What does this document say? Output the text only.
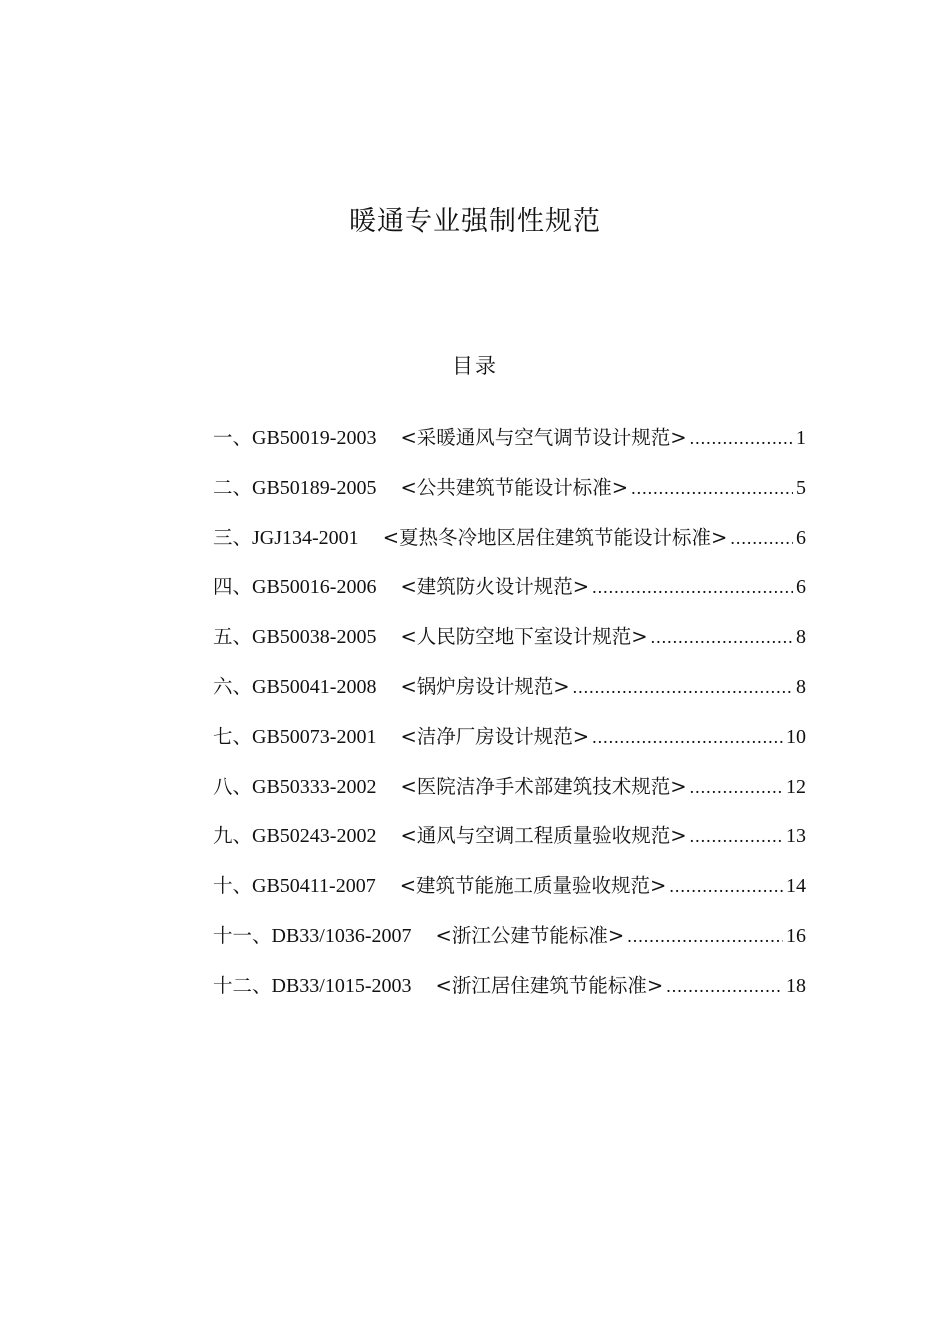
暖通专业强制性规范
目录
一、 GB50019-2003 <采暖通风与空气调节设计规范> .....	1
二、 GB50189-2005 <公共建筑节能设计标准> .....	5
三、 JGJ134-2001 <夏热冬冷地区居住建筑节能设计标准> .....	6
四、 GB50016-2006 <建筑防火设计规范> .....	6
五、 GB50038-2005 <人民防空地下室设计规范> .....	8
六、 GB50041-2008 <锅炉房设计规范> .....	8
七、 GB50073-2001 <洁净厂房设计规范> .....	10
八、 GB50333-2002 <医院洁净手术部建筑技术规范> .....	12
九、 GB50243-2002 <通风与空调工程质量验收规范> .....	13
十、 GB50411-2007 <建筑节能施工质量验收规范> .....	14
十一、 DB33/1036-2007 <浙江公建节能标准> .....	16
十二、 DB33/1015-2003 <浙江居住建筑节能标准> .....	18
